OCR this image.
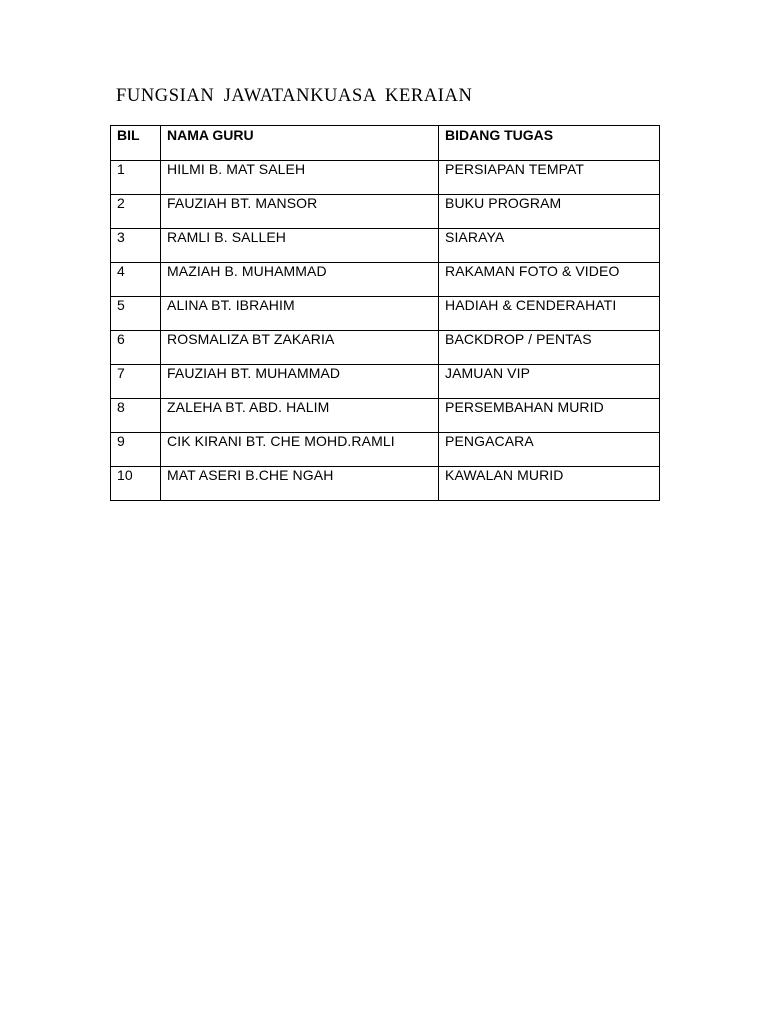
FUNGSIAN JAWATANKUASA KERAIAN
BIL	NAMA GURU	BIDANG TUGAS
1	HILMI B. MAT SALEH	PERSIAPAN TEMPAT
2	FAUZIAH BT. MANSOR	BUKU PROGRAM
3	RAMLI B. SALLEH	SIARAYA
4	MAZIAH B. MUHAMMAD	RAKAMAN FOTO & VIDEO
5	ALINA BT. IBRAHIM	HADIAH & CENDERAHATI
6	ROSMALIZA BT ZAKARIA	BACKDROP / PENTAS
7	FAUZIAH BT. MUHAMMAD	JAMUAN VIP
8	ZALEHA BT. ABD. HALIM	PERSEMBAHAN MURID
9	CIK KIRANI BT. CHE MOHD.RAMLI	PENGACARA
10	MAT ASERI B.CHE NGAH	KAWALAN MURID
